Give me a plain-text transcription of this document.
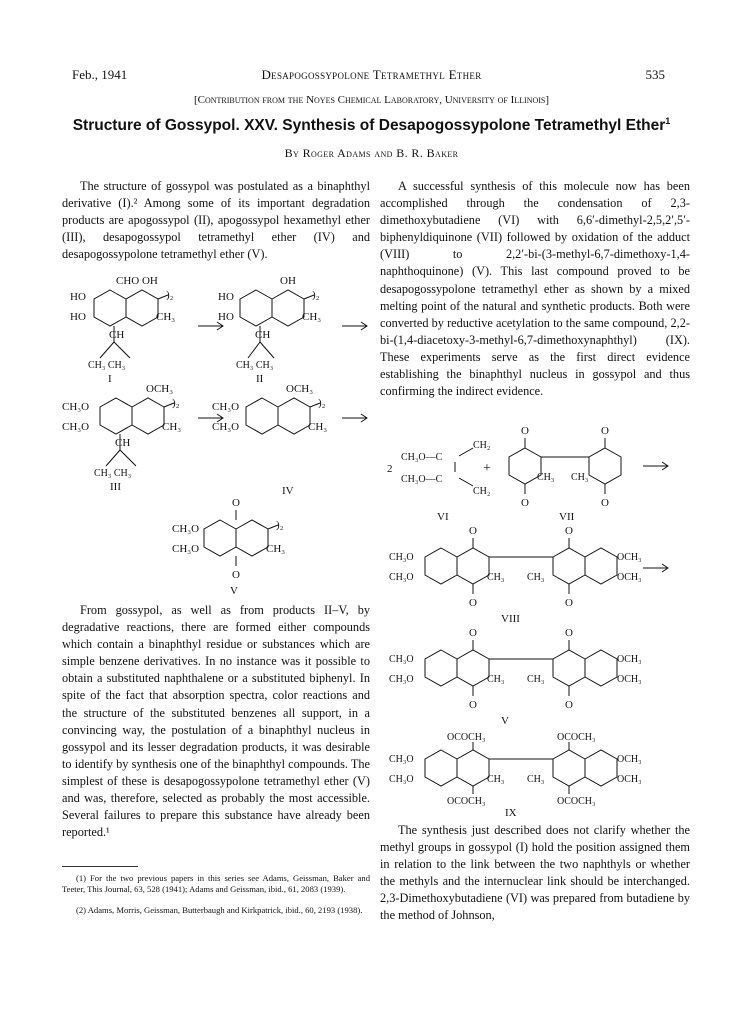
Feb., 1941	Desapogossypolone Tetramethyl Ether	535
[Contribution from the Noyes Chemical Laboratory, University of Illinois]
Structure of Gossypol. XXV. Synthesis of Desapogossypolone Tetramethyl Ether$^1$
By Roger Adams and B. R. Baker
The structure of gossypol was postulated as a binaphthyl derivative (I).² Among some of its important degradation products are apogossypol (II), apogossypol hexamethyl ether (III), desapogossypol tetramethyl ether (IV) and desapogossypolone tetramethyl ether (V).
CHO OH
HO
HO
)₂
CH₃
CH
CH₃ CH₃
I
OH
HO
HO
)₂
CH₃
CH
CH₃ CH₃
II
OCH₃
CH₃O
CH₃O
)₂
CH₃
CH
CH₃ CH₃
III
OCH₃
CH₃O
CH₃O
)₂
CH₃
IV
O
O
CH₃O
CH₃O
)₂
CH₃
V
From gossypol, as well as from products II–V, by degradative reactions, there are formed either compounds which contain a binaphthyl residue or substances which are simple benzene derivatives. In no instance was it possible to obtain a substituted naphthalene or a substituted biphenyl. In spite of the fact that absorption spectra, color reactions and the structure of the substituted benzenes all support, in a convincing way, the postulation of a binaphthyl nucleus in gossypol and its lesser degradation products, it was desirable to identify by synthesis one of the binaphthyl compounds. The simplest of these is desapogossypolone tetramethyl ether (V) and was, therefore, selected as probably the most accessible. Several failures to prepare this substance have already been reported.¹
(1) For the two previous papers in this series see Adams, Geissman, Baker and Teeter, This Journal, 63, 528 (1941); Adams and Geissman, ibid., 61, 2083 (1939).
(2) Adams, Morris, Geissman, Butterbaugh and Kirkpatrick, ibid., 60, 2193 (1938).
A successful synthesis of this molecule now has been accomplished through the condensation of 2,3-dimethoxybutadiene (VI) with 6,6′-dimethyl-2,5,2′,5′-biphenyldiquinone (VII) followed by oxidation of the adduct (VIII) to 2,2′-bi-(3-methyl-6,7-dimethoxy-1,4-naphthoquinone) (V). This last compound proved to be desapogossypolone tetramethyl ether as shown by a mixed melting point of the natural and synthetic products. Both were converted by reductive acetylation to the same compound, 2,2-bi-(1,4-diacetoxy-3-methyl-6,7-dimethoxynaphthyl) (IX). These experiments serve as the first direct evidence establishing the binaphthyl nucleus in gossypol and thus confirming the indirect evidence.
2
CH₃O—C
CH₃O—C
CH₂
CH₂
VI
+
O
O
O
O
CH₃ CH₃
VII
O
O
O
O
CH₃O
CH₃O
OCH₃
OCH₃
CH₃ CH₃
VIII
O
O
O
O
CH₃O
CH₃O
OCH₃
OCH₃
CH₃ CH₃
V
OCOCH₃
OCOCH₃
OCOCH₃
OCOCH₃
CH₃O
CH₃O
OCH₃
OCH₃
CH₃ CH₃
IX
The synthesis just described does not clarify whether the methyl groups in gossypol (I) hold the position assigned them in relation to the link between the two naphthyls or whether the methyls and the internuclear link should be interchanged. 2,3-Dimethoxybutadiene (VI) was prepared from butadiene by the method of Johnson,
